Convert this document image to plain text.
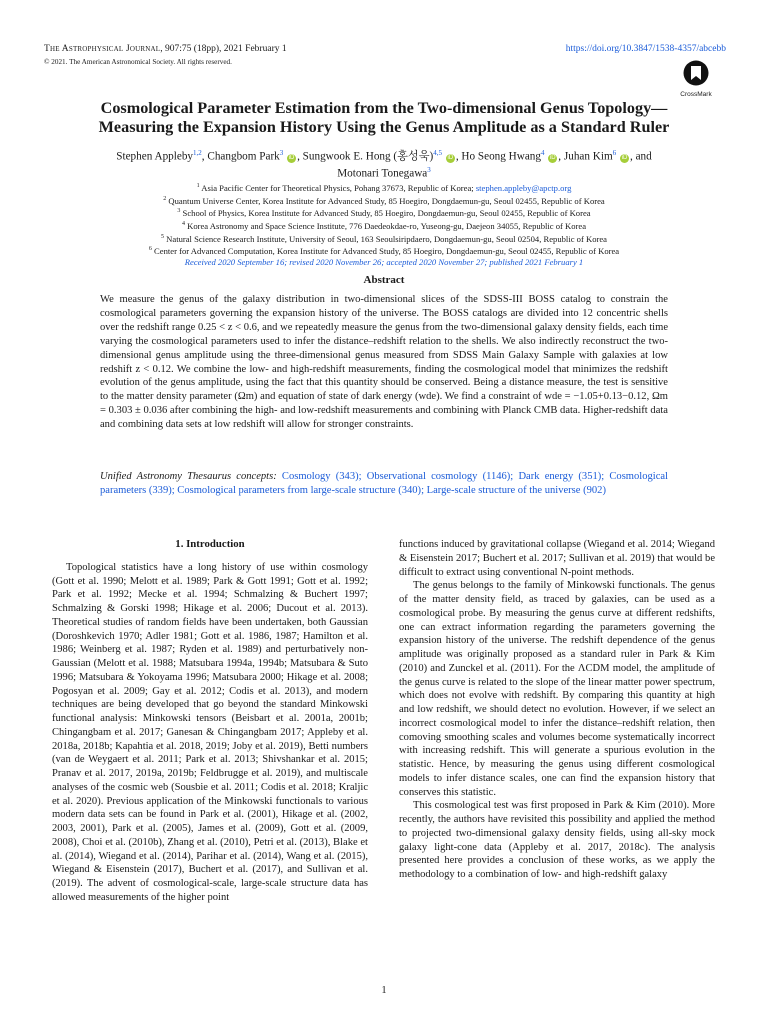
The Astrophysical Journal, 907:75 (18pp), 2021 February 1
© 2021. The American Astronomical Society. All rights reserved.
https://doi.org/10.3847/1538-4357/abcebb
CrossMark
Cosmological Parameter Estimation from the Two-dimensional Genus Topology—
Measuring the Expansion History Using the Genus Amplitude as a Standard Ruler
Stephen Appleby$^{1,2}$, Changbom Park$^3$ iD , Sungwook E. Hong (홍성욱)$^{4,5}$ iD , Ho Seong Hwang$^4$ iD , Juhan Kim$^6$ iD , and
Motonari Tonegawa$^3$
$^1$ Asia Pacific Center for Theoretical Physics, Pohang 37673, Republic of Korea; stephen.appleby@apctp.org
$^2$ Quantum Universe Center, Korea Institute for Advanced Study, 85 Hoegiro, Dongdaemun-gu, Seoul 02455, Republic of Korea
$^3$ School of Physics, Korea Institute for Advanced Study, 85 Hoegiro, Dongdaemun-gu, Seoul 02455, Republic of Korea
$^4$ Korea Astronomy and Space Science Institute, 776 Daedeokdae-ro, Yuseong-gu, Daejeon 34055, Republic of Korea
$^5$ Natural Science Research Institute, University of Seoul, 163 Seoulsiripdaero, Dongdaemun-gu, Seoul 02504, Republic of Korea
$^6$ Center for Advanced Computation, Korea Institute for Advanced Study, 85 Hoegiro, Dongdaemun-gu, Seoul 02455, Republic of Korea
Received 2020 September 16; revised 2020 November 26; accepted 2020 November 27; published 2021 February 1
Abstract
We measure the genus of the galaxy distribution in two-dimensional slices of the SDSS-III BOSS catalog to constrain the cosmological parameters governing the expansion history of the universe. The BOSS catalogs are divided into 12 concentric shells over the redshift range 0.25 < z < 0.6, and we repeatedly measure the genus from the two-dimensional galaxy density fields, each time varying the cosmological parameters used to infer the distance–redshift relation to the shells. We also indirectly reconstruct the two-dimensional genus amplitude using the three-dimensional genus measured from SDSS Main Galaxy Sample with galaxies at low redshift z < 0.12. We combine the low- and high-redshift measurements, finding the cosmological model that minimizes the redshift evolution of the genus amplitude, using the fact that this quantity should be conserved. Being a distance measure, the test is sensitive to the matter density parameter (Ωm) and equation of state of dark energy (wde). We find a constraint of wde = −1.05+0.13−0.12, Ωm = 0.303 ± 0.036 after combining the high- and low-redshift measurements and combining with Planck CMB data. Higher-redshift data and combining data sets at low redshift will allow for stronger constraints.
Unified Astronomy Thesaurus concepts: Cosmology (343); Observational cosmology (1146); Dark energy (351); Cosmological parameters (339); Cosmological parameters from large-scale structure (340); Large-scale structure of the universe (902)
1. Introduction

Topological statistics have a long history of use within cosmology (Gott et al. 1990; Melott et al. 1989; Park & Gott 1991; Gott et al. 1992; Park et al. 1992; Mecke et al. 1994; Schmalzing & Buchert 1997; Schmalzing & Gorski 1998; Hikage et al. 2006; Ducout et al. 2013). Theoretical studies of random fields have been undertaken, both Gaussian (Doroshkevich 1970; Adler 1981; Gott et al. 1986, 1987; Hamilton et al. 1986; Weinberg et al. 1987; Ryden et al. 1989) and perturbatively non-Gaussian (Melott et al. 1988; Matsubara 1994a, 1994b; Matsubara & Suto 1996; Matsubara & Yokoyama 1996; Matsubara 2000; Hikage et al. 2008; Pogosyan et al. 2009; Gay et al. 2012; Codis et al. 2013), and modern techniques are being developed that go beyond the standard Minkowski functional analysis: Minkowski tensors (Beisbart et al. 2001a, 2001b; Chingangbam et al. 2017; Ganesan & Chingangbam 2017; Appleby et al. 2018a, 2018b; Kapahtia et al. 2018, 2019; Joby et al. 2019), Betti numbers (van de Weygaert et al. 2011; Park et al. 2013; Shivshankar et al. 2015; Pranav et al. 2017, 2019a, 2019b; Feldbrugge et al. 2019), and multiscale analyses of the cosmic web (Sousbie et al. 2011; Codis et al. 2018; Kraljic et al. 2020). Previous application of the Minkowski functionals to various modern data sets can be found in Park et al. (2001), Hikage et al. (2002, 2003, 2001), Park et al. (2005), James et al. (2009), Gott et al. (2009, 2008), Choi et al. (2010b), Zhang et al. (2010), Petri et al. (2013), Blake et al. (2014), Wiegand et al. (2014), Parihar et al. (2014), Wang et al. (2015), Wiegand & Eisenstein (2017), Buchert et al. (2017), and Sullivan et al. (2019). The advent of cosmological-scale, large-scale structure data has allowed measurements of the higher point

functions induced by gravitational collapse (Wiegand et al. 2014; Wiegand & Eisenstein 2017; Buchert et al. 2017; Sullivan et al. 2019) that would be difficult to extract using conventional N-point methods.

The genus belongs to the family of Minkowski functionals. The genus of the matter density field, as traced by galaxies, can be used as a cosmological probe. By measuring the genus curve at different redshifts, one can extract information regarding the parameters governing the expansion history of the universe. The redshift dependence of the genus amplitude was originally proposed as a standard ruler in Park & Kim (2010) and Zunckel et al. (2011). For the ΛCDM model, the amplitude of the genus curve is related to the slope of the linear matter power spectrum, which does not evolve with redshift. By comparing this quantity at high and low redshift, we should detect no evolution. However, if we select an incorrect cosmological model to infer the distance–redshift relation, then comoving smoothing scales and volumes become systematically incorrect with increasing redshift. This will generate a spurious evolution in the statistic. Hence, by measuring the genus using different cosmological models to infer distance scales, one can find the expansion history that conserves this statistic.

This cosmological test was first proposed in Park & Kim (2010). More recently, the authors have revisited this possibility and applied the method to projected two-dimensional galaxy density fields, using all-sky mock galaxy light-cone data (Appleby et al. 2017, 2018c). The analysis presented here provides a conclusion of these works, as we apply the methodology to a combination of low- and high-redshift galaxy

1
